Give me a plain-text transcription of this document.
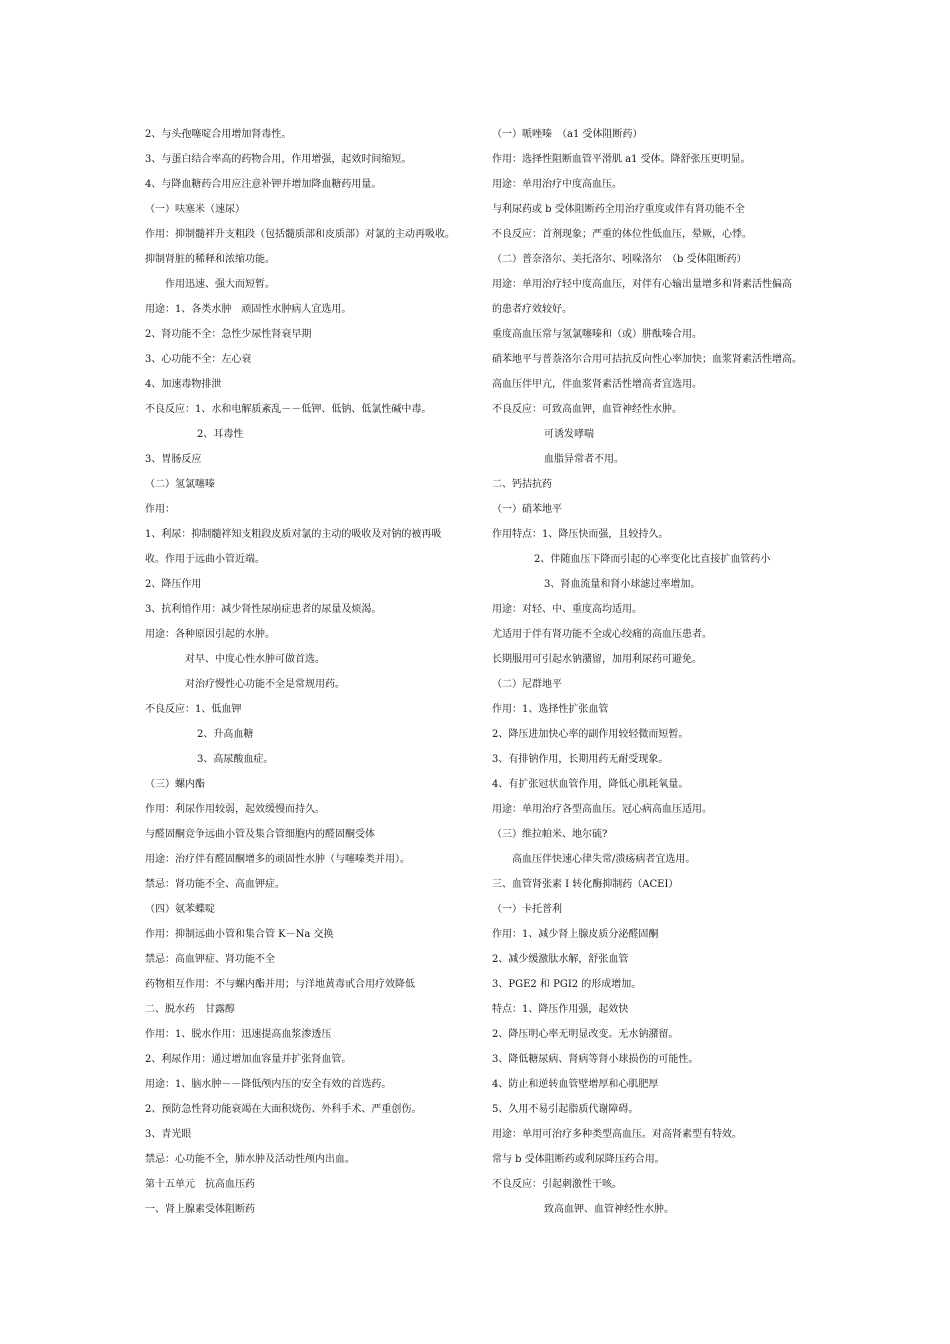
2、与头孢噻啶合用增加肾毒性。
3、与蛋白结合率高的药物合用，作用增强，起效时间缩短。
4、与降血糖药合用应注意补钾并增加降血糖药用量。
（一）呋塞米（速尿）
作用：抑制髓袢升支粗段（包括髓质部和皮质部）对氯的主动再吸收。
抑制肾脏的稀释和浓缩功能。
作用迅速、强大而短暂。
用途：1、各类水肿　顽固性水肿病人宜选用。
2、肾功能不全：急性少尿性肾衰早期
3、心功能不全：左心衰
4、加速毒物排泄
不良反应：1、水和电解质紊乱－－低钾、低钠、低氯性碱中毒。
2、耳毒性
3、胃肠反应
（二）氢氯噻嗪
作用：
1、利尿：抑制髓袢知支粗段皮质对氯的主动的吸收及对钠的被再吸
收。作用于远曲小管近端。
2、降压作用
3、抗利悄作用：减少肾性尿崩症患者的尿量及烦渴。
用途：各种原因引起的水肿。
对早、中度心性水肿可做首选。
对治疗慢性心功能不全是常规用药。
不良反应：1、低血钾
2、升高血糖
3、高尿酸血症。
（三）螺内酯
作用：利尿作用较弱，起效缓慢而持久。
与醛固酮竞争远曲小管及集合管细胞内的醛固酮受体
用途：治疗伴有醛固酮增多的顽固性水肿（与噻嗪类并用）。
禁忌：肾功能不全、高血钾症。
（四）氨苯蝶啶
作用：抑制远曲小管和集合管 K－Na 交换
禁忌：高血钾症、肾功能不全
药物相互作用：不与螺内酯并用；与洋地黄毒甙合用疗效降低
二、脱水药　甘露醇
作用：1、脱水作用：迅速提高血浆渗透压
2、利尿作用：通过增加血容量并扩张肾血管。
用途：1、脑水肿－－降低颅内压的安全有效的首选药。
2、预防急性肾功能衰竭在大面积烧伤、外科手术、严重创伤。
3、青光眼
禁忌：心功能不全，肺水肿及活动性颅内出血。
第十五单元　抗高血压药
一、肾上腺素受体阻断药
（一）哌唑嗪　（a1 受体阻断药）
作用：选择性阻断血管平滑肌 a1 受体。降舒张压更明显。
用途：单用治疗中度高血压。
与利尿药或 b 受体阻断药全用治疗重度或伴有肾功能不全
不良反应：首剂现象；严重的体位性低血压，晕厥，心悸。
（二）普奈洛尔、美托洛尔、吲哚洛尔　（b 受体阻断药）
用途：单用治疗轻中度高血压，对伴有心输出量增多和肾素活性偏高
的患者疗效较好。
重度高血压常与氢氯噻嗪和（或）肼酞嗪合用。
硝苯地平与普萘洛尔合用可拮抗反向性心率加快；血浆肾素活性增高。
高血压伴甲亢，伴血浆肾素活性增高者宜选用。
不良反应：可致高血钾，血管神经性水肿。
可诱发哮喘
血脂异常者不用。
二、钙拮抗药
（一）硝苯地平
作用特点：1、降压快而强，且较持久。
2、伴随血压下降而引起的心率变化比直接扩血管药小
3、肾血流量和肾小球滤过率增加。
用途：对轻、中、重度高均适用。
尤适用于伴有肾功能不全或心绞痛的高血压患者。
长期服用可引起水钠潴留，加用利尿药可避免。
（二）尼群地平
作用：1、选择性扩张血管
2、降压进加快心率的副作用较轻微而短暂。
3、有排钠作用，长期用药无耐受现象。
4、有扩张冠状血管作用，降低心肌耗氧量。
用途：单用治疗各型高血压。冠心病高血压适用。
（三）维拉帕米、地尔硫?
高血压伴快速心律失常/溃疡病者宜选用。
三、血管肾张素 I 转化酶抑制药（ACEI）
（一）卡托普利
作用：1、减少肾上腺皮质分泌醛固酮
2、减少缓激肽水解，舒张血管
3、PGE2 和 PGI2 的形成增加。
特点：1、降压作用强，起效快
2、降压明心率无明显改变。无水钠潴留。
3、降低糖尿病、肾病等肾小球损伤的可能性。
4、防止和逆转血管壁增厚和心肌肥厚
5、久用不易引起脂质代谢障碍。
用途：单用可治疗多种类型高血压。对高肾素型有特效。
常与 b 受体阻断药或利尿降压药合用。
不良反应：引起刺激性干咳。
致高血钾、血管神经性水肿。
